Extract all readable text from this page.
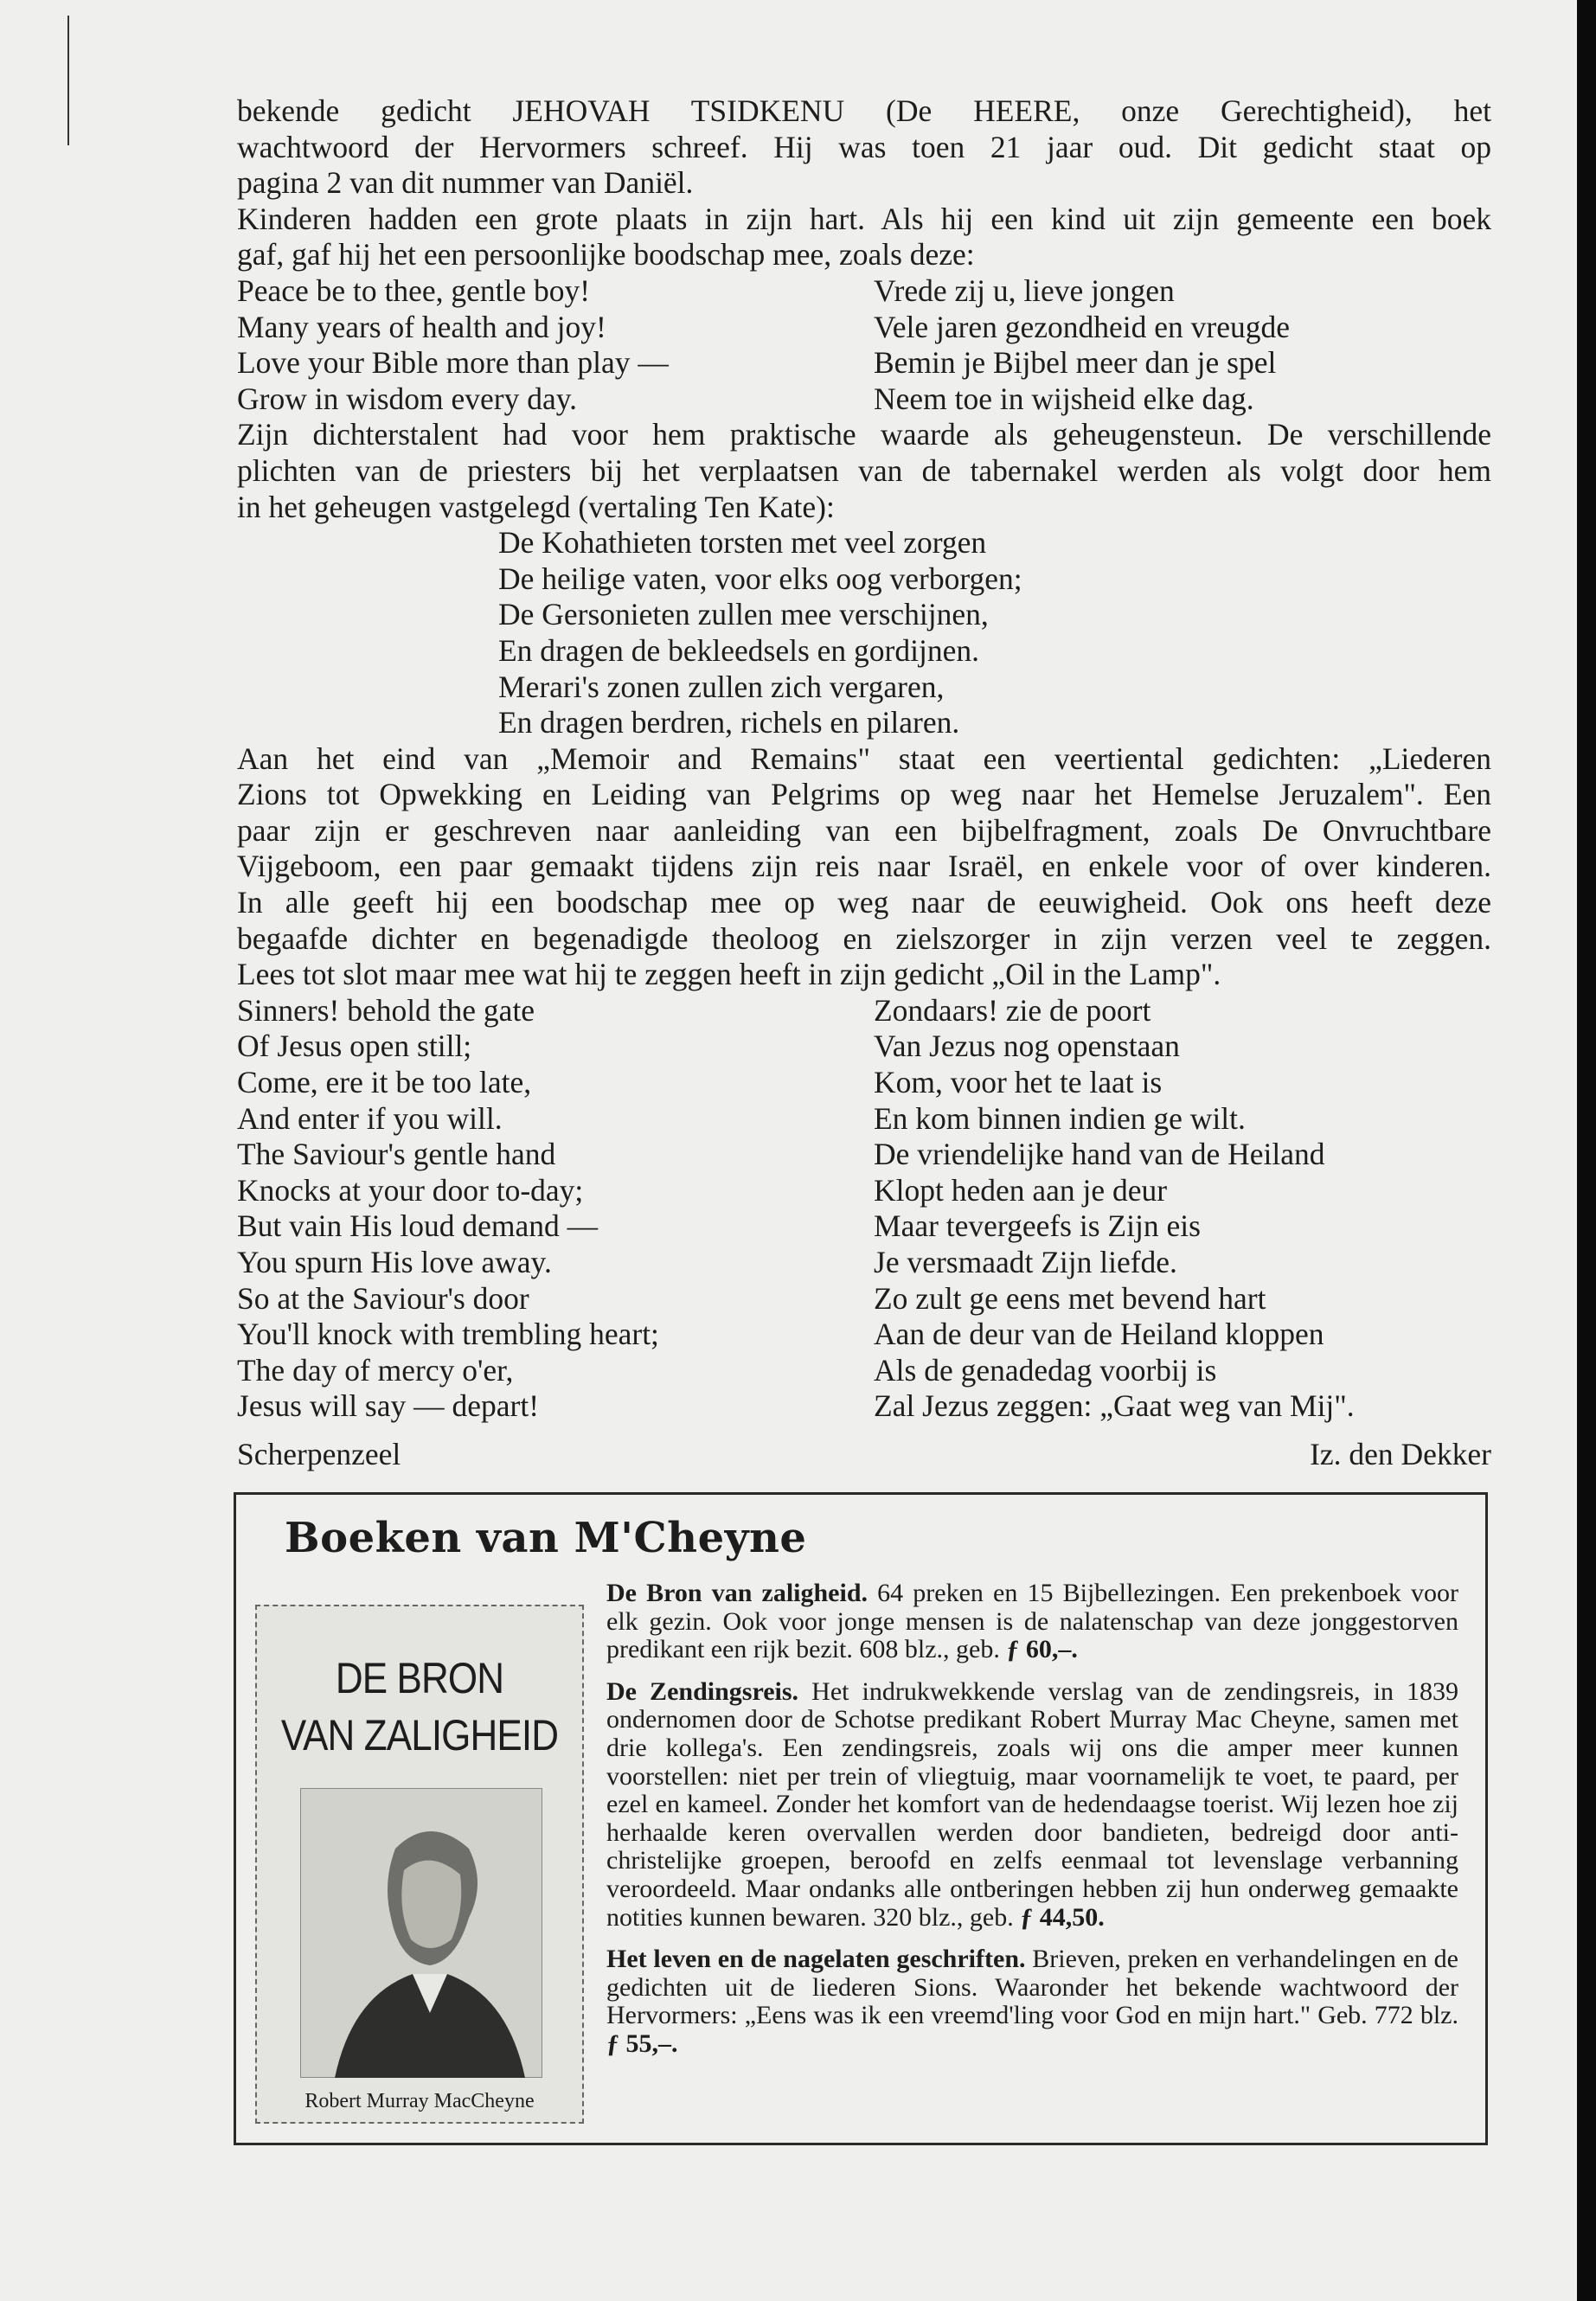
bekende gedicht JEHOVAH TSIDKENU (De HEERE, onze Gerechtigheid), het

wachtwoord der Hervormers schreef. Hij was toen 21 jaar oud. Dit gedicht staat op

pagina 2 van dit nummer van Daniël.

Kinderen hadden een grote plaats in zijn hart. Als hij een kind uit zijn gemeente een boek

gaf, gaf hij het een persoonlijke boodschap mee, zoals deze:

Peace be to thee, gentle boy!	Vrede zij u, lieve jongen
Many years of health and joy!	Vele jaren gezondheid en vreugde
Love your Bible more than play —	Bemin je Bijbel meer dan je spel
Grow in wisdom every day.	Neem toe in wijsheid elke dag.

Zijn dichterstalent had voor hem praktische waarde als geheugensteun. De verschillende

plichten van de priesters bij het verplaatsen van de tabernakel werden als volgt door hem

in het geheugen vastgelegd (vertaling Ten Kate):

De Kohathieten torsten met veel zorgen
De heilige vaten, voor elks oog verborgen;
De Gersonieten zullen mee verschijnen,
En dragen de bekleedsels en gordijnen.
Merari's zonen zullen zich vergaren,
En dragen berdren, richels en pilaren.

Aan het eind van „Memoir and Remains" staat een veertiental gedichten: „Liederen

Zions tot Opwekking en Leiding van Pelgrims op weg naar het Hemelse Jeruzalem". Een

paar zijn er geschreven naar aanleiding van een bijbelfragment, zoals De Onvruchtbare

Vijgeboom, een paar gemaakt tijdens zijn reis naar Israël, en enkele voor of over kinderen.

In alle geeft hij een boodschap mee op weg naar de eeuwigheid. Ook ons heeft deze

begaafde dichter en begenadigde theoloog en zielszorger in zijn verzen veel te zeggen.

Lees tot slot maar mee wat hij te zeggen heeft in zijn gedicht „Oil in the Lamp".

Sinners! behold the gate	Zondaars! zie de poort
Of Jesus open still;	Van Jezus nog openstaan
Come, ere it be too late,	Kom, voor het te laat is
And enter if you will.	En kom binnen indien ge wilt.
The Saviour's gentle hand	De vriendelijke hand van de Heiland
Knocks at your door to-day;	Klopt heden aan je deur
But vain His loud demand —	Maar tevergeefs is Zijn eis
You spurn His love away.	Je versmaadt Zijn liefde.
So at the Saviour's door	Zo zult ge eens met bevend hart
You'll knock with trembling heart;	Aan de deur van de Heiland kloppen
The day of mercy o'er,	Als de genadedag voorbij is
Jesus will say — depart!	Zal Jezus zeggen: „Gaat weg van Mij".
Scherpenzeel	Iz. den Dekker
Boeken van M'Cheyne
DE BRON
VAN ZALIGHEID
Robert Murray MacCheyne

De Bron van zaligheid. 64 preken en 15 Bijbellezingen. Een prekenboek voor elk gezin. Ook voor jonge mensen is de nalatenschap van deze jonggestorven predikant een rijk bezit. 608 blz., geb. ƒ 60,–.

De Zendingsreis. Het indrukwekkende verslag van de zendingsreis, in 1839 ondernomen door de Schotse predikant Robert Murray Mac Cheyne, samen met drie kollega's. Een zendingsreis, zoals wij ons die amper meer kunnen voorstellen: niet per trein of vliegtuig, maar voornamelijk te voet, te paard, per ezel en kameel. Zonder het komfort van de hedendaagse toerist. Wij lezen hoe zij herhaalde keren overvallen werden door bandieten, bedreigd door anti-christelijke groepen, beroofd en zelfs eenmaal tot levenslage verbanning veroordeeld. Maar ondanks alle ontberingen hebben zij hun onderweg gemaakte notities kunnen bewaren. 320 blz., geb. ƒ 44,50.

Het leven en de nagelaten geschriften. Brieven, preken en verhandelingen en de gedichten uit de liederen Sions. Waaronder het bekende wachtwoord der Hervormers: „Eens was ik een vreemd'ling voor God en mijn hart." Geb. 772 blz. ƒ 55,–.
